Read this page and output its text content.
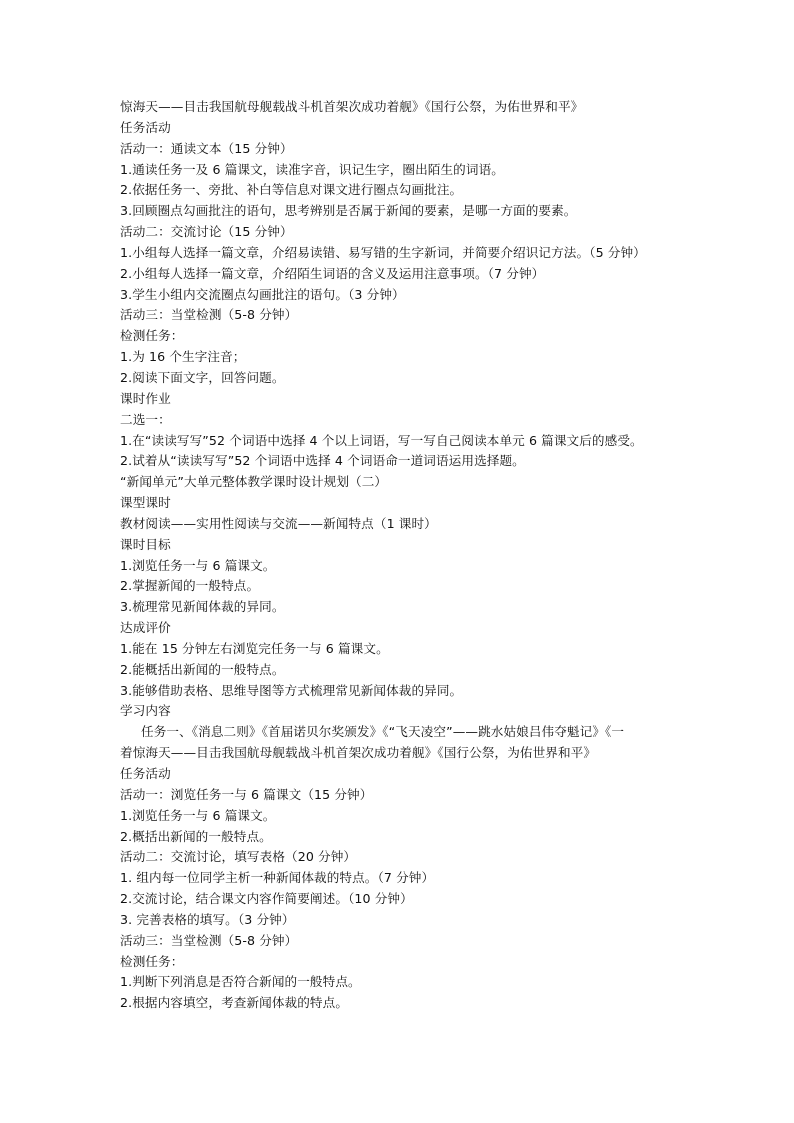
惊海天——目击我国航母舰载战斗机首架次成功着舰》《国行公祭，为佑世界和平》
任务活动
活动一：通读文本（15 分钟）
1.通读任务一及 6 篇课文，读准字音，识记生字，圈出陌生的词语。
2.依据任务一、旁批、补白等信息对课文进行圈点勾画批注。
3.回顾圈点勾画批注的语句，思考辨别是否属于新闻的要素，是哪一方面的要素。
活动二：交流讨论（15 分钟）
1.小组每人选择一篇文章，介绍易读错、易写错的生字新词，并简要介绍识记方法。（5 分钟）
2.小组每人选择一篇文章，介绍陌生词语的含义及运用注意事项。（7 分钟）
3.学生小组内交流圈点勾画批注的语句。（3 分钟）
活动三：当堂检测（5-8 分钟）
检测任务：
1.为 16 个生字注音；
2.阅读下面文字，回答问题。
课时作业
二选一：
1.在“读读写写”52 个词语中选择 4 个以上词语，写一写自己阅读本单元 6 篇课文后的感受。
2.试着从“读读写写”52 个词语中选择 4 个词语命一道词语运用选择题。
“新闻单元”大单元整体教学课时设计规划（二）
课型课时
教材阅读——实用性阅读与交流——新闻特点（1 课时）
课时目标
1.浏览任务一与 6 篇课文。
2.掌握新闻的一般特点。
3.梳理常见新闻体裁的异同。
达成评价
1.能在 15 分钟左右浏览完任务一与 6 篇课文。
2.能概括出新闻的一般特点。
3.能够借助表格、思维导图等方式梳理常见新闻体裁的异同。
学习内容
任务一、《消息二则》《首届诺贝尔奖颁发》《“飞天凌空”——跳水姑娘吕伟夺魁记》《一
着惊海天——目击我国航母舰载战斗机首架次成功着舰》《国行公祭，为佑世界和平》
任务活动
活动一：浏览任务一与 6 篇课文（15 分钟）
1.浏览任务一与 6 篇课文。
2.概括出新闻的一般特点。
活动二：交流讨论，填写表格（20 分钟）
1. 组内每一位同学主析一种新闻体裁的特点。（7 分钟）
2.交流讨论，结合课文内容作简要阐述。（10 分钟）
3. 完善表格的填写。（3 分钟）
活动三：当堂检测（5-8 分钟）
检测任务：
1.判断下列消息是否符合新闻的一般特点。
2.根据内容填空，考查新闻体裁的特点。
